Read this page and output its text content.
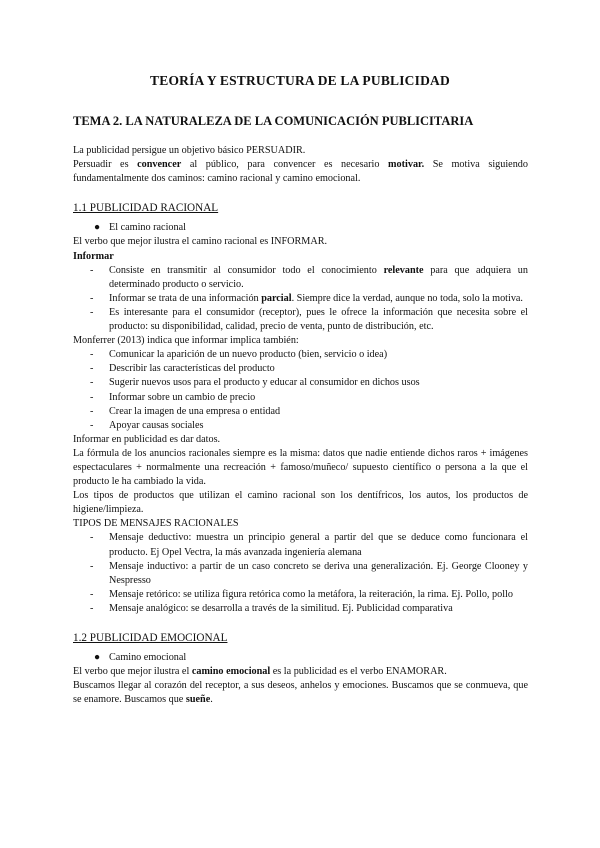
TEORÍA Y ESTRUCTURA DE LA PUBLICIDAD
TEMA 2. LA NATURALEZA DE LA COMUNICACIÓN PUBLICITARIA

La publicidad persigue un objetivo básico PERSUADIR.

Persuadir es convencer al público, para convencer es necesario motivar. Se motiva siguiendo fundamentalmente dos caminos: camino racional y camino emocional.

1.1 PUBLICIDAD RACIONAL

● El camino racional

El verbo que mejor ilustra el camino racional es INFORMAR.

Informar

-	Consiste en transmitir al consumidor todo el conocimiento relevante para que adquiera un determinado producto o servicio.
-	Informar se trata de una información parcial. Siempre dice la verdad, aunque no toda, solo la motiva.
-	Es interesante para el consumidor (receptor), pues le ofrece la información que necesita sobre el producto: su disponibilidad, calidad, precio de venta, punto de distribución, etc.

Monferrer (2013) indica que informar implica también:

-	Comunicar la aparición de un nuevo producto (bien, servicio o idea)
-	Describir las características del producto
-	Sugerir nuevos usos para el producto y educar al consumidor en dichos usos
-	Informar sobre un cambio de precio
-	Crear la imagen de una empresa o entidad
-	Apoyar causas sociales

Informar en publicidad es dar datos.

La fórmula de los anuncios racionales siempre es la misma: datos que nadie entiende dichos raros + imágenes espectaculares + normalmente una recreación + famoso/muñeco/ supuesto científico o persona a la que el producto le ha cambiado la vida.

Los tipos de productos que utilizan el camino racional son los dentífricos, los autos, los productos de higiene/limpieza.

TIPOS DE MENSAJES RACIONALES

-	Mensaje deductivo: muestra un principio general a partir del que se deduce como funcionara el producto. Ej Opel Vectra, la más avanzada ingeniería alemana
-	Mensaje inductivo: a partir de un caso concreto se deriva una generalización. Ej. George Clooney y Nespresso
-	Mensaje retórico: se utiliza figura retórica como la metáfora, la reiteración, la rima. Ej. Pollo, pollo
-	Mensaje analógico: se desarrolla a través de la similitud. Ej. Publicidad comparativa

1.2 PUBLICIDAD EMOCIONAL

● Camino emocional

El verbo que mejor ilustra el camino emocional es la publicidad es el verbo ENAMORAR.

Buscamos llegar al corazón del receptor, a sus deseos, anhelos y emociones. Buscamos que se conmueva, que se enamore. Buscamos que sueñe.
